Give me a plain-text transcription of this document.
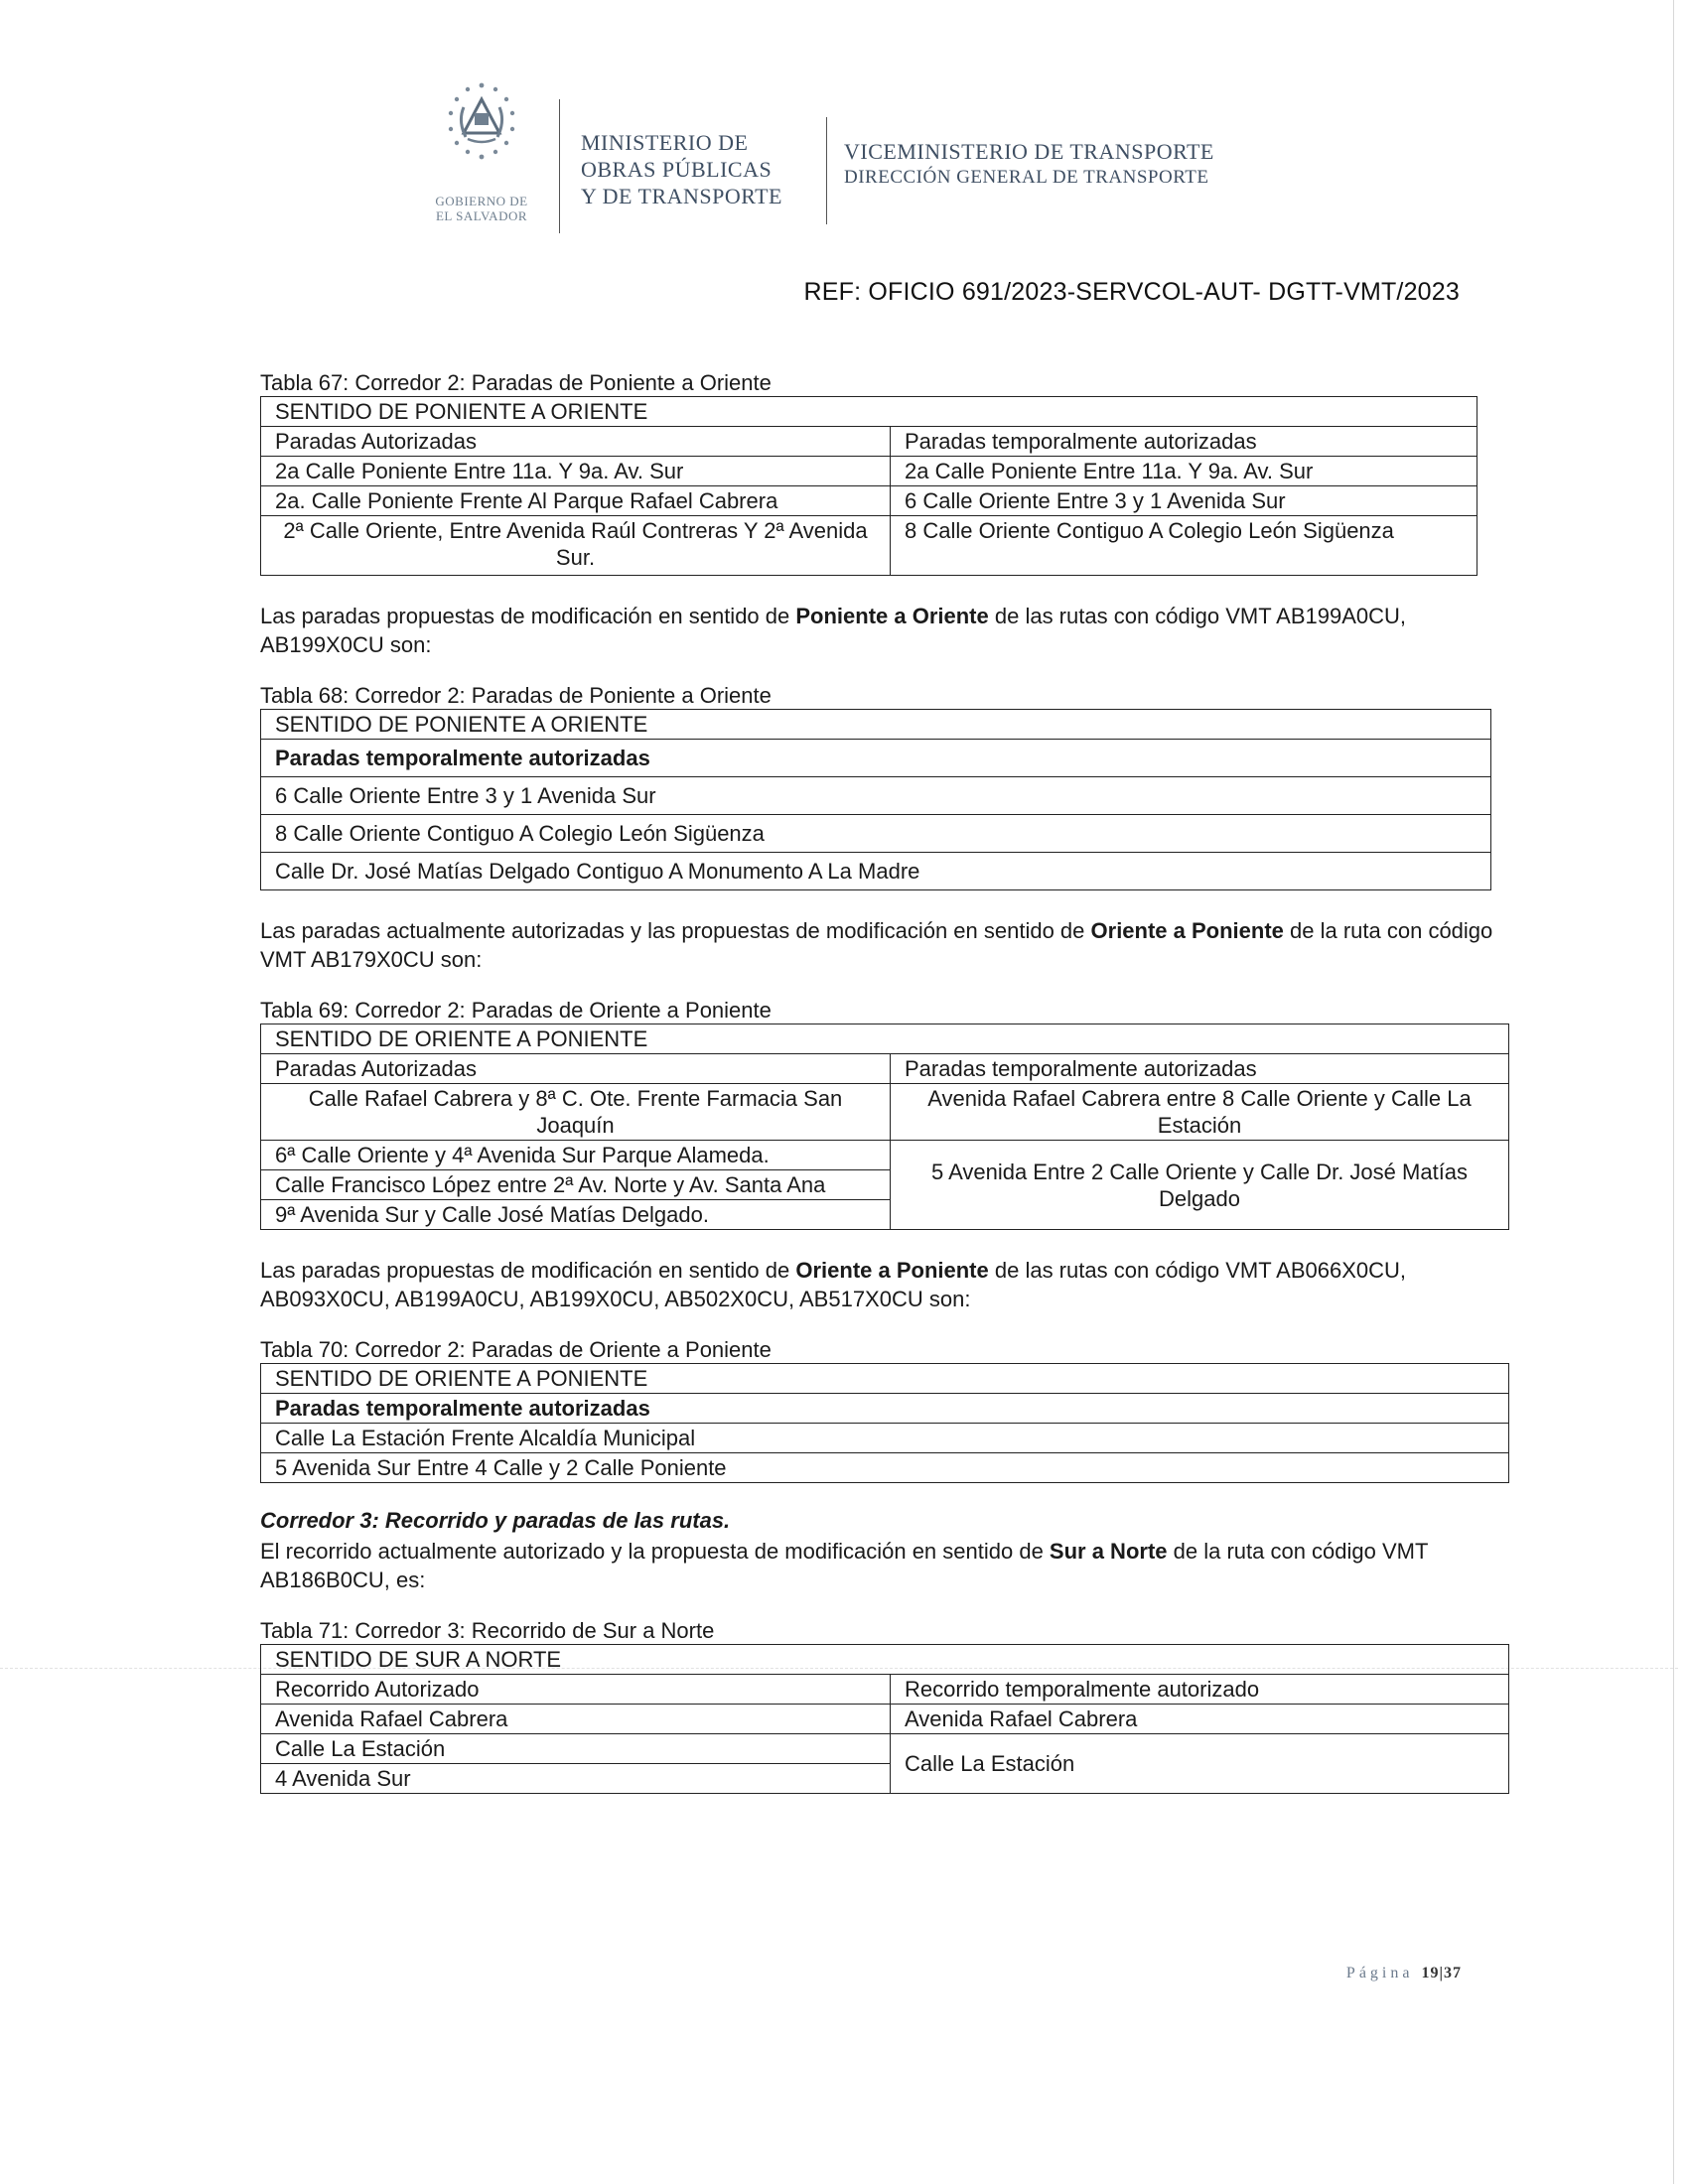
GOBIERNO DE
EL SALVADOR
MINISTERIO DE
OBRAS PÚBLICAS
Y DE TRANSPORTE
VICEMINISTERIO DE TRANSPORTE
DIRECCIÓN GENERAL DE TRANSPORTE
REF: OFICIO 691/2023-SERVCOL-AUT- DGTT-VMT/2023

Tabla 67: Corredor 2: Paradas de Poniente a Oriente

SENTIDO DE PONIENTE A ORIENTE	
Paradas Autorizadas	Paradas temporalmente autorizadas
2a Calle Poniente Entre 11a. Y 9a. Av. Sur	2a Calle Poniente Entre 11a. Y 9a. Av. Sur
2a. Calle Poniente Frente Al Parque Rafael Cabrera	6 Calle Oriente Entre 3 y 1 Avenida Sur
2ª Calle Oriente, Entre Avenida Raúl Contreras Y 2ª Avenida Sur.	8 Calle Oriente Contiguo A Colegio León Sigüenza

Las paradas propuestas de modificación en sentido de Poniente a Oriente de las rutas con código VMT AB199A0CU, AB199X0CU son:

Tabla 68: Corredor 2: Paradas de Poniente a Oriente

SENTIDO DE PONIENTE A ORIENTE
Paradas temporalmente autorizadas
6 Calle Oriente Entre 3 y 1 Avenida Sur
8 Calle Oriente Contiguo A Colegio León Sigüenza
Calle Dr. José Matías Delgado Contiguo A Monumento A La Madre

Las paradas actualmente autorizadas y las propuestas de modificación en sentido de Oriente a Poniente de la ruta con código VMT AB179X0CU son:

Tabla 69: Corredor 2: Paradas de Oriente a Poniente

SENTIDO DE ORIENTE A PONIENTE	
Paradas Autorizadas	Paradas temporalmente autorizadas
Calle Rafael Cabrera y 8ª C. Ote. Frente Farmacia San Joaquín	Avenida Rafael Cabrera entre 8 Calle Oriente y Calle La Estación
6ª Calle Oriente y 4ª Avenida Sur Parque Alameda.	5 Avenida Entre 2 Calle Oriente y Calle Dr. José Matías Delgado
Calle Francisco López entre 2ª Av. Norte y Av. Santa Ana	
9ª Avenida Sur y Calle José Matías Delgado.	

Las paradas propuestas de modificación en sentido de Oriente a Poniente de las rutas con código VMT AB066X0CU, AB093X0CU, AB199A0CU, AB199X0CU, AB502X0CU, AB517X0CU son:

Tabla 70: Corredor 2: Paradas de Oriente a Poniente

SENTIDO DE ORIENTE A PONIENTE
Paradas temporalmente autorizadas
Calle La Estación Frente Alcaldía Municipal
5 Avenida Sur Entre 4 Calle y 2 Calle Poniente

Corredor 3: Recorrido y paradas de las rutas.

El recorrido actualmente autorizado y la propuesta de modificación en sentido de Sur a Norte de la ruta con código VMT AB186B0CU, es:

Tabla 71: Corredor 3: Recorrido de Sur a Norte

SENTIDO DE SUR A NORTE	
Recorrido Autorizado	Recorrido temporalmente autorizado
Avenida Rafael Cabrera	Avenida Rafael Cabrera
Calle La Estación	Calle La Estación
4 Avenida Sur	
Página 19|37
